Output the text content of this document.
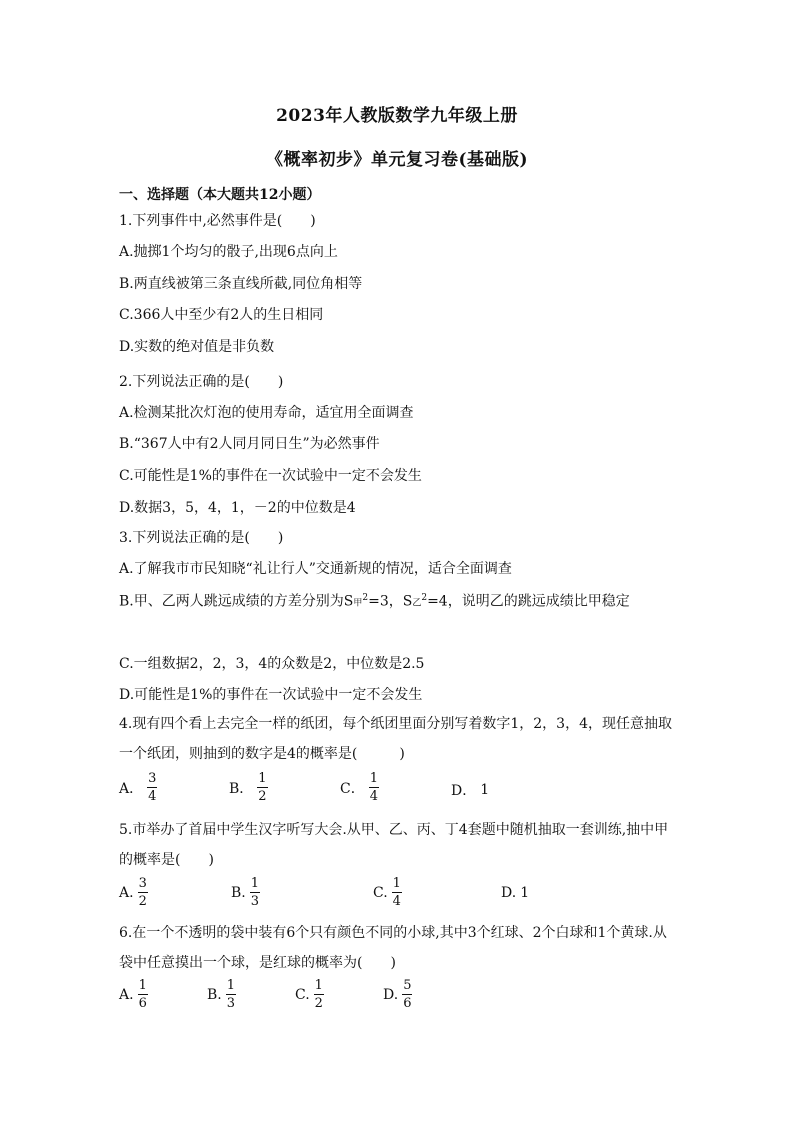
2023年人教版数学九年级上册
《概率初步》单元复习卷(基础版)
一、选择题（本大题共12小题）
1.下列事件中,必然事件是(　　)
A.抛掷1个均匀的骰子,出现6点向上
B.两直线被第三条直线所截,同位角相等
C.366人中至少有2人的生日相同
D.实数的绝对值是非负数
2.下列说法正确的是(　　)
A.检测某批次灯泡的使用寿命，适宜用全面调查
B.“367人中有2人同月同日生”为必然事件
C.可能性是1%的事件在一次试验中一定不会发生
D.数据3，5，4，1，－2的中位数是4
3.下列说法正确的是(　　)
A.了解我市市民知晓“礼让行人”交通新规的情况，适合全面调查
B.甲、乙两人跳远成绩的方差分别为S甲$^2$=3，S乙$^2$=4，说明乙的跳远成绩比甲稳定
C.一组数据2，2，3，4的众数是2，中位数是2.5
D.可能性是1%的事件在一次试验中一定不会发生
4.现有四个看上去完全一样的纸团，每个纸团里面分别写着数字1，2，3，4，现任意抽取一个纸团，则抽到的数字是4的概率是(　　　)
A． $\frac{3}{4}$	B． $\frac{1}{2}$	C． $\frac{1}{4}$	D． 1
5.市举办了首届中学生汉字听写大会.从甲、乙、丙、丁4套题中随机抽取一套训练,抽中甲的概率是(　　)
A. $\frac{3}{2}$	B. $\frac{1}{3}$	C. $\frac{1}{4}$	D. 1
6.在一个不透明的袋中装有6个只有颜色不同的小球,其中3个红球、2个白球和1个黄球.从袋中任意摸出一个球，是红球的概率为(　　)
A. $\frac{1}{6}$	B. $\frac{1}{3}$	C. $\frac{1}{2}$	D. $\frac{5}{6}$
